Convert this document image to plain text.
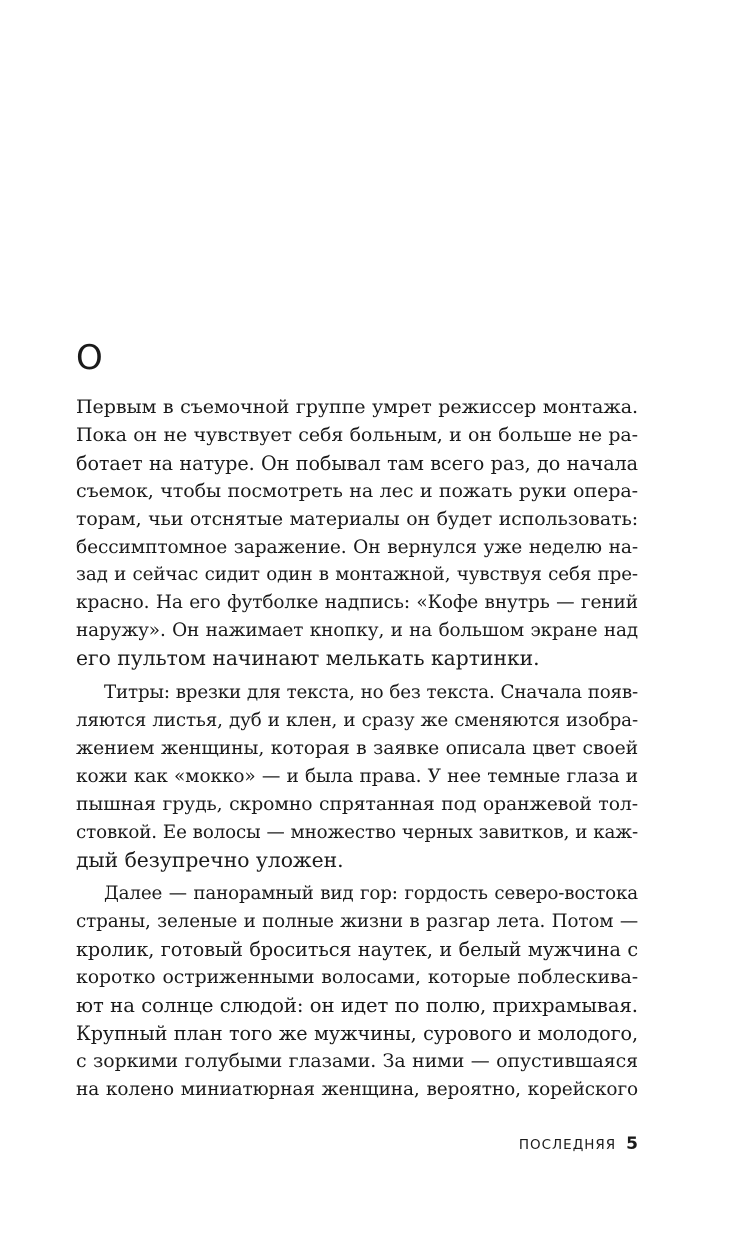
О
Первым в съемочной группе умрет режиссер монтажа.
Пока он не чувствует себя больным, и он больше не ра-
ботает на натуре. Он побывал там всего раз, до начала
съемок, чтобы посмотреть на лес и пожать руки опера-
торам, чьи отснятые материалы он будет использовать:
бессимптомное заражение. Он вернулся уже неделю на-
зад и сейчас сидит один в монтажной, чувствуя себя пре-
красно. На его футболке надпись: «Кофе внутрь — гений
наружу». Он нажимает кнопку, и на большом экране над
его пультом начинают мелькать картинки.
Титры: врезки для текста, но без текста. Сначала появ-
ляются листья, дуб и клен, и сразу же сменяются изобра-
жением женщины, которая в заявке описала цвет своей
кожи как «мокко» — и была права. У нее темные глаза и
пышная грудь, скромно спрятанная под оранжевой тол-
стовкой. Ее волосы — множество черных завитков, и каж-
дый безупречно уложен.
Далее — панорамный вид гор: гордость северо-востока
страны, зеленые и полные жизни в разгар лета. Потом —
кролик, готовый броситься наутек, и белый мужчина с
коротко остриженными волосами, которые поблескива-
ют на солнце слюдой: он идет по полю, прихрамывая.
Крупный план того же мужчины, сурового и молодого,
с зоркими голубыми глазами. За ними — опустившаяся
на колено миниатюрная женщина, вероятно, корейского
ПОСЛЕДНЯЯ 5
